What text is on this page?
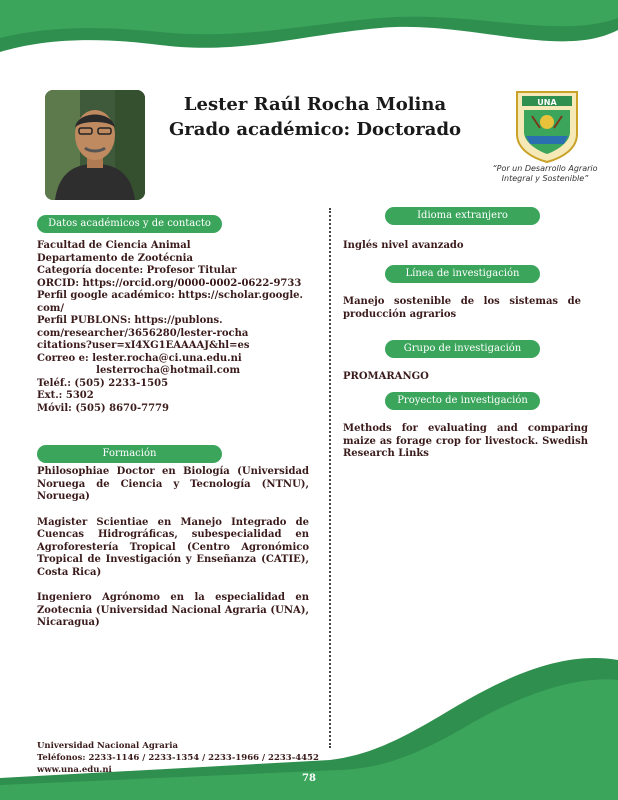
Lester Raúl Rocha Molina
Grado académico: Doctorado
UNA
“Por un Desarrollo Agrario
Integral y Sostenible”
Datos académicos y de contacto
Facultad de Ciencia Animal
Departamento de Zootécnia
Categoría docente: Profesor Titular
ORCID: https://orcid.org/0000-0002-0622-9733
Perfil google académico: https://scholar.google.
com/
Perfil PUBLONS: https://publons.
com/researcher/3656280/lester-rocha
citations?user=xI4XG1EAAAAJ&hl=es
Correo e: lester.rocha@ci.una.edu.ni
lesterrocha@hotmail.com
Teléf.: (505) 2233-1505
Ext.: 5302
Móvil: (505) 8670-7779
Formación
Philosophiae Doctor en Biología (Universidad Noruega de Ciencia y Tecnología (NTNU), Noruega)
Magister Scientiae en Manejo Integrado de Cuencas Hidrográficas, subespecialidad en Agroforestería Tropical (Centro Agronómico Tropical de Investigación y Enseñanza (CATIE), Costa Rica)
Ingeniero Agrónomo en la especialidad en Zootecnia (Universidad Nacional Agraria (UNA), Nicaragua)
Idioma extranjero
Inglés nivel avanzado
Línea de investigación
Manejo sostenible de los sistemas de producción agrarios
Grupo de investigación
PROMARANGO
Proyecto de investigación
Methods for evaluating and comparing maize as forage crop for livestock. Swedish Research Links
Universidad Nacional Agraria
Teléfonos: 2233-1146 / 2233-1354 / 2233-1966 / 2233-4452
www.una.edu.ni
78
